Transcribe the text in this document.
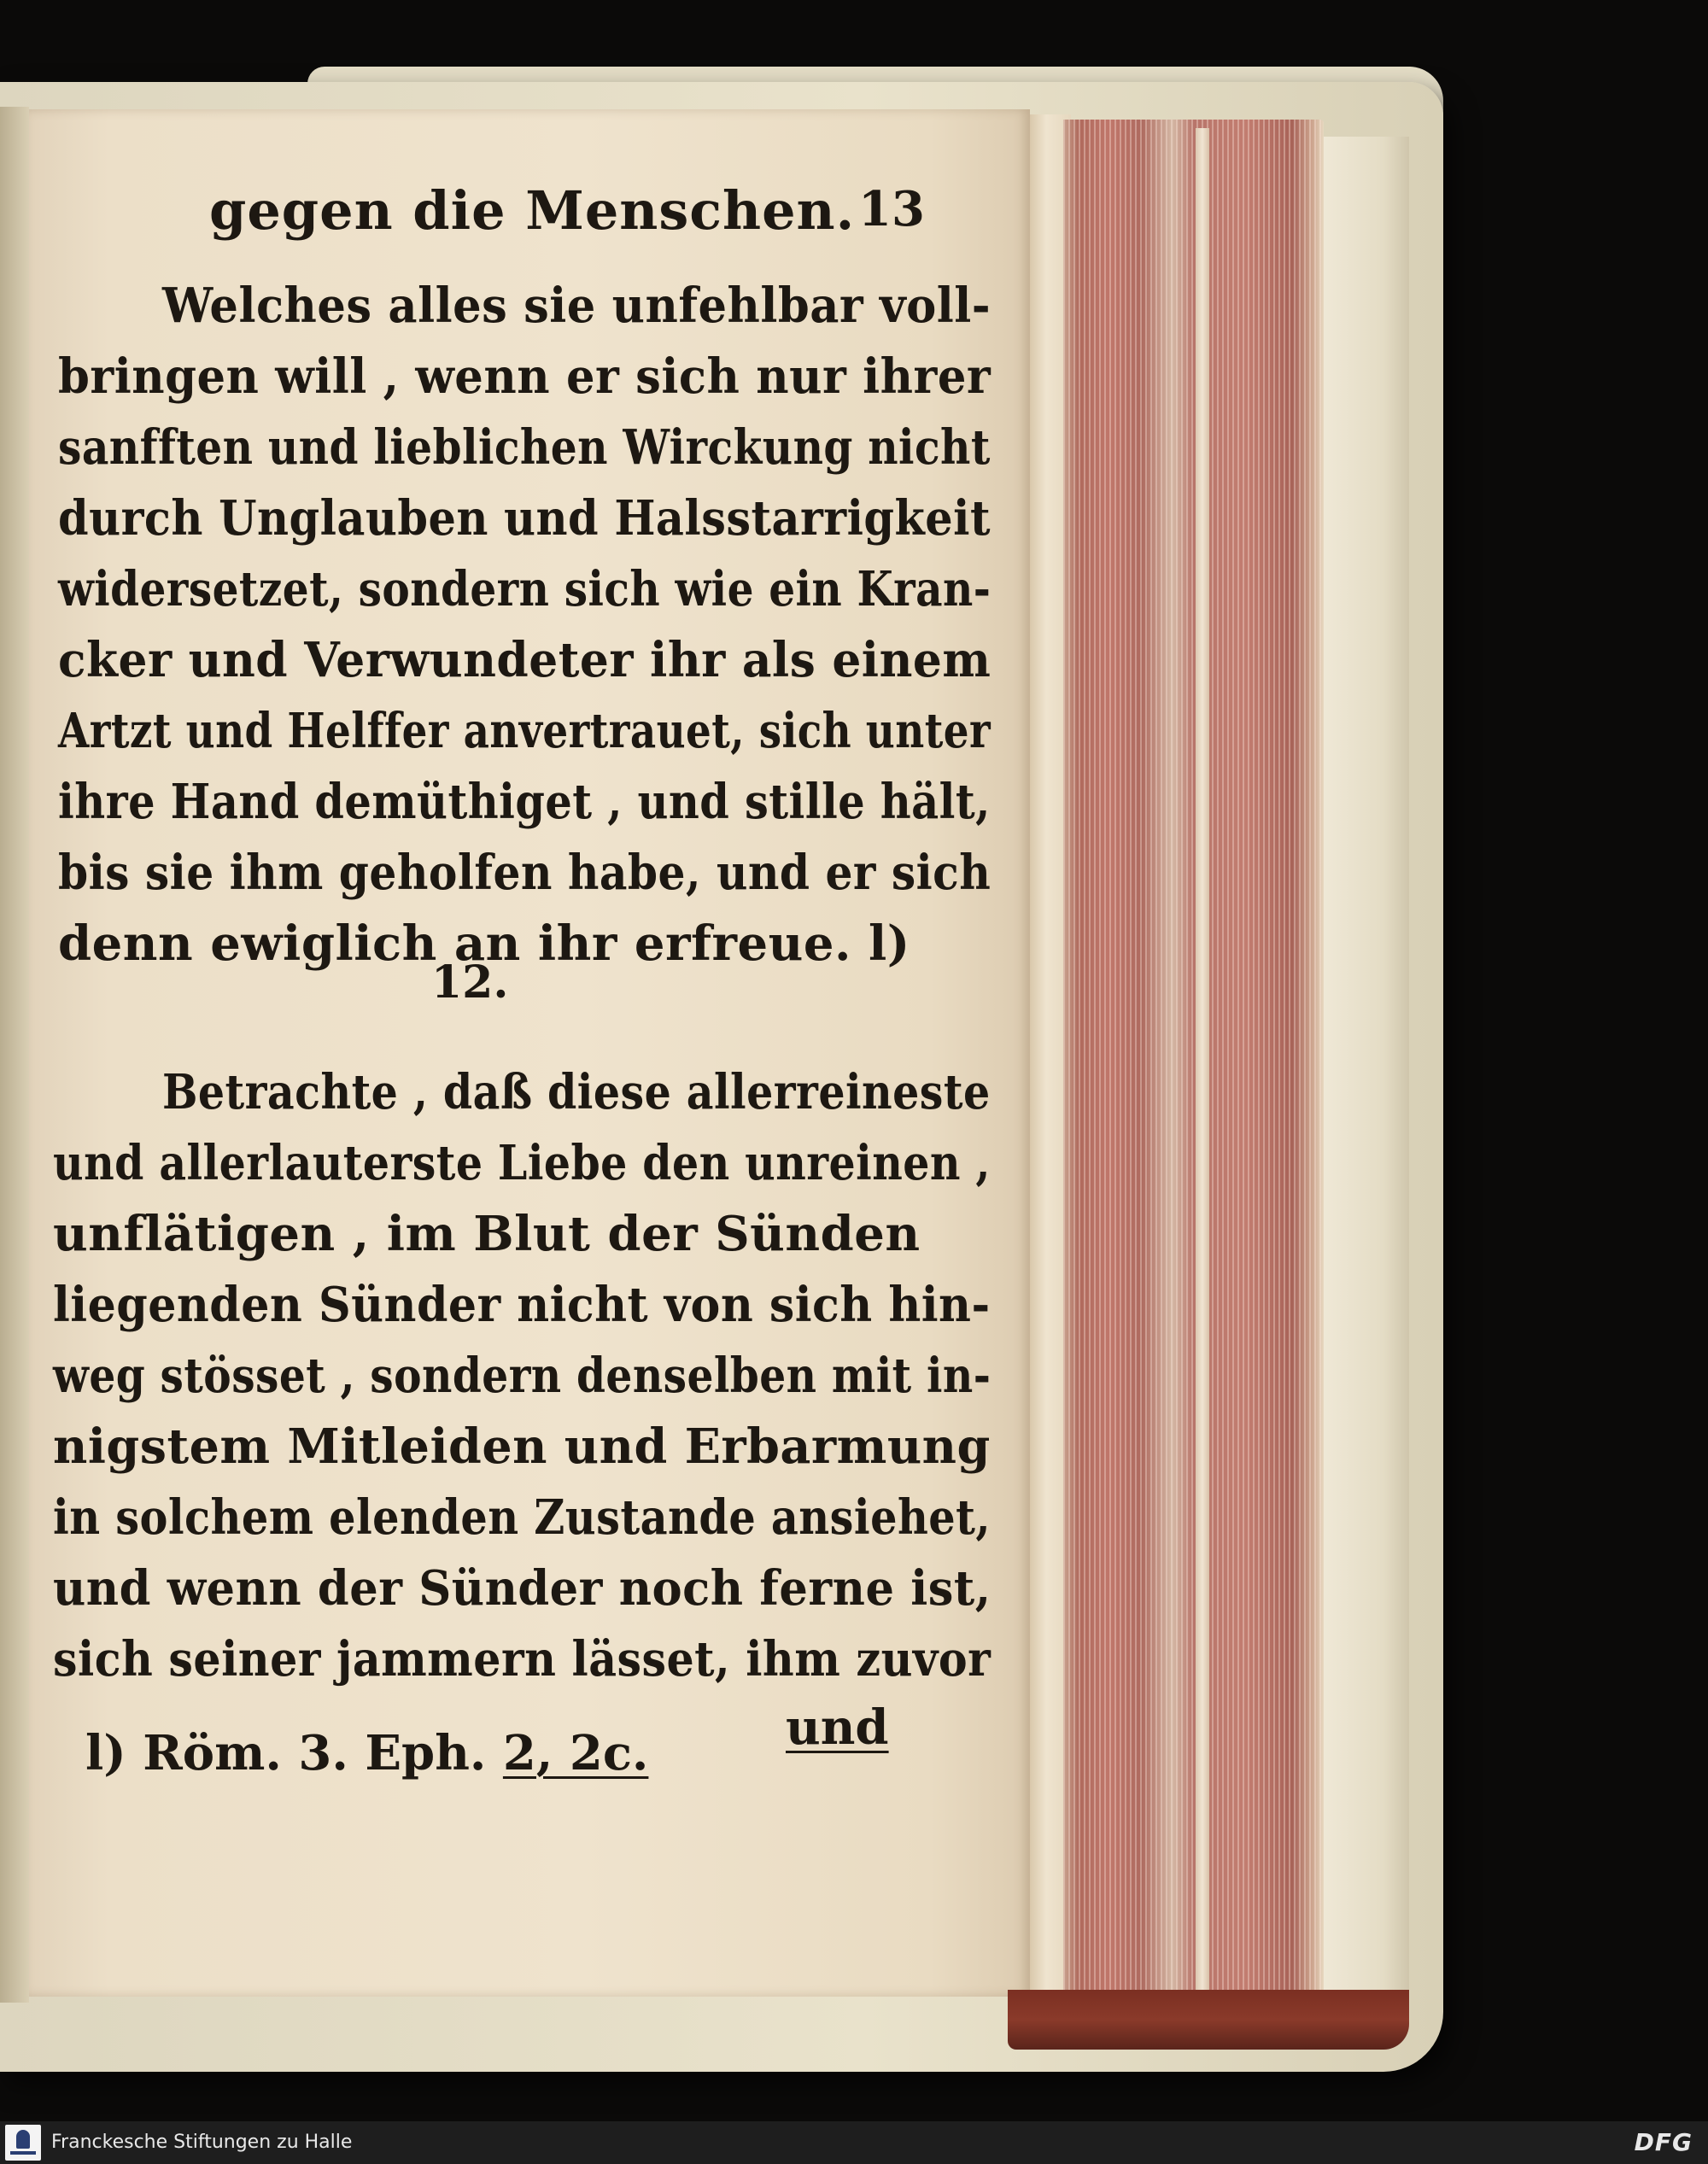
gegen die Menschen. 13
Welches alles sie unfehlbar voll-
bringen will , wenn er sich nur ihrer
sanfften und lieblichen Wirckung nicht
durch Unglauben und Halsstarrigkeit
widersetzet, sondern sich wie ein Kran-
cker und Verwundeter ihr als einem
Artzt und Helffer anvertrauet, sich unter
ihre Hand demüthiget , und stille hält,
bis sie ihm geholfen habe, und er sich
denn ewiglich an ihr erfreue. l)
12.
Betrachte , daß diese allerreineste
und allerlauterste Liebe den unreinen ,
unflätigen , im Blut der Sünden
liegenden Sünder nicht von sich hin-
weg stösset , sondern denselben mit in-
nigstem Mitleiden und Erbarmung
in solchem elenden Zustande ansiehet,
und wenn der Sünder noch ferne ist,
sich seiner jammern lässet, ihm zuvor
und
l) Röm. 3. Eph. 2, 2c.
Franckesche Stiftungen zu Halle	DFG
